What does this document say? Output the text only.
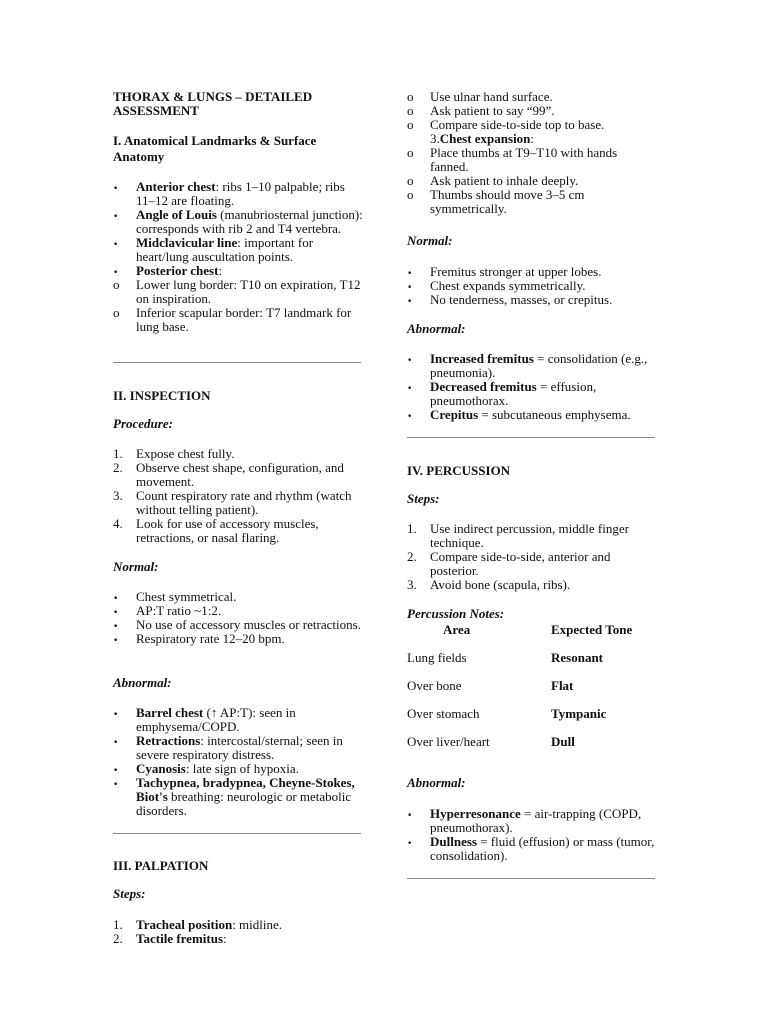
THORAX & LUNGS – DETAILED
ASSESSMENT
I. Anatomical Landmarks & Surface Anatomy
•
Anterior chest: ribs 1–10 palpable; ribs 11–12 are floating.
•
Angle of Louis (manubriosternal junction): corresponds with rib 2 and T4 vertebra.
•
Midclavicular line: important for heart/lung auscultation points.
•
Posterior chest:
o
Lower lung border: T10 on expiration, T12 on inspiration.
o
Inferior scapular border: T7 landmark for lung base.
II. INSPECTION
Procedure:
1. Expose chest fully.
2. Observe chest shape, configuration, and movement.
3. Count respiratory rate and rhythm (watch without telling patient).
4. Look for use of accessory muscles, retractions, or nasal flaring.
Normal:
•
Chest symmetrical.
•
AP:T ratio ~1:2.
•
No use of accessory muscles or retractions.
•
Respiratory rate 12–20 bpm.
Abnormal:
•
Barrel chest (↑ AP:T): seen in emphysema/COPD.
•
Retractions: intercostal/sternal; seen in severe respiratory distress.
•
Cyanosis: late sign of hypoxia.
•
Tachypnea, bradypnea, Cheyne-Stokes, Biot's breathing: neurologic or metabolic disorders.
III. PALPATION
Steps:
1. Tracheal position: midline.
2. Tactile fremitus:
o
Use ulnar hand surface.
o
Ask patient to say “99”.
o
Compare side-to-side top to base.
3.Chest expansion:
o
Place thumbs at T9–T10 with hands fanned.
o
Ask patient to inhale deeply.
o
Thumbs should move 3–5 cm symmetrically.
Normal:
•
Fremitus stronger at upper lobes.
•
Chest expands symmetrically.
•
No tenderness, masses, or crepitus.
Abnormal:
•
Increased fremitus = consolidation (e.g., pneumonia).
•
Decreased fremitus = effusion, pneumothorax.
•
Crepitus = subcutaneous emphysema.
IV. PERCUSSION
Steps:
1. Use indirect percussion, middle finger technique.
2. Compare side-to-side, anterior and posterior.
3. Avoid bone (scapula, ribs).
Percussion Notes:
Area	Expected Tone
Lung fields	Resonant
Over bone	Flat
Over stomach	Tympanic
Over liver/heart	Dull
Abnormal:
•
Hyperresonance = air-trapping (COPD, pneumothorax).
•
Dullness = fluid (effusion) or mass (tumor, consolidation).
